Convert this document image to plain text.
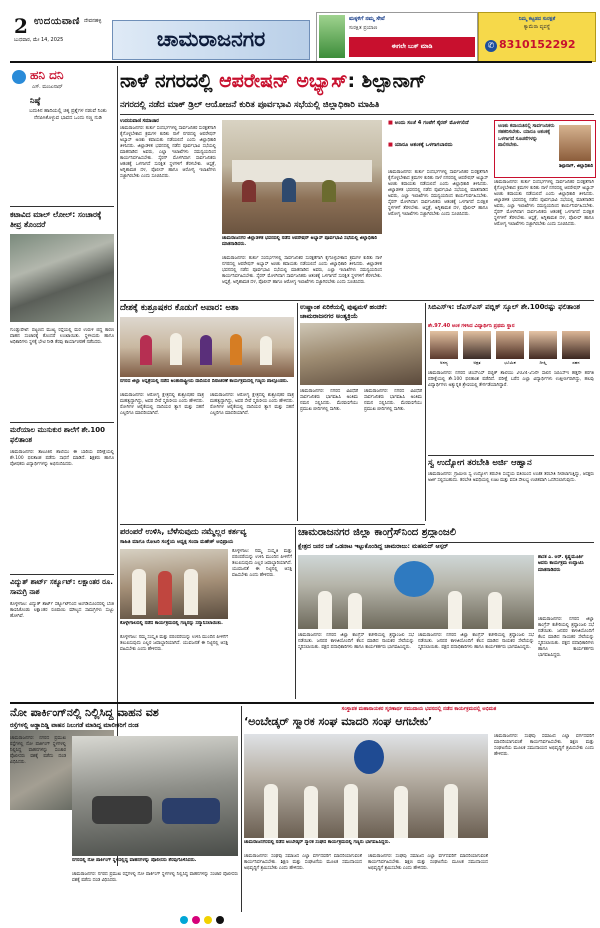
2 ಉದಯವಾಣಿ ದೇವನಹಳ್ಳಿ
ಬುಧವಾರ, ಮೇ 14, 2025	ಚಾಮರಾಜನಗರ
ಮಕ್ಕಳಿಗೆ ನಮ್ಮ ಸೇವೆ
ಸುರಕ್ಷಿತ ಪ್ರಯಾಣ
ಈಗಲೇ ಬುಕ್ ಮಾಡಿ
ನಿಮ್ಮ ಕಟ್ಟಡದ ಸುರಕ್ಷತೆ
ಕ್ಯಾಮೆರಾ ವ್ಯವಸ್ಥೆ
✆ 8310152292
ಹನಿ ದನಿ
ಎಸ್. ಮಂಜುನಾಥ್
ನಿಷ್ಠೆ
ಬದುಕಿನ ಹಾದಿಯಲ್ಲಿ ಚಿಕ್ಕ ಪ್ರಶ್ನೆಗಳ ನಡುವೆ ನಿಂತು ನೆನಪಿಸಿಕೊಳ್ಳುವ ಭಾವದ ಒಂದು ಸಣ್ಣ ನುಡಿ
ಕಟಾವಿದ ಮಾಲ್ ಲೋಲ್: ಸಂಚಾರಕ್ಕೆ ತೀವ್ರ ತೊಂದರೆ
ಗುಂಡ್ಲುಪೇಟೆ: ಪಟ್ಟಣದ ಮುಖ್ಯ ರಸ್ತೆಯಲ್ಲಿ ಮರ ಉರುಳಿ ಬಿದ್ದ ಕಾರಣ ವಾಹನ ಸಂಚಾರಕ್ಕೆ ತೊಂದರೆ ಉಂಟಾಯಿತು. ಸ್ಥಳೀಯರು ಹಾಗೂ ಅಧಿಕಾರಿಗಳು ಸ್ಥಳಕ್ಕೆ ಭೇಟಿ ನೀಡಿ ತೆರವು ಕಾರ್ಯಾಚರಣೆ ನಡೆಸಿದರು.
ಮರೆಯಾಲ ಮುಸುಕುರ ಶಾಲೆಗೆ ಶೇ.100 ಫಲಿತಾಂಶ
ಚಾಮರಾಜನಗರ: ತಾಲೂಕಿನ ಶಾಲೆಯು ಈ ಬಾರಿಯ ಪರೀಕ್ಷೆಯಲ್ಲಿ ಶೇ.100 ಫಲಿತಾಂಶ ಪಡೆದು ಸಾಧನೆ ಮಾಡಿದೆ. ಶಿಕ್ಷಕರು ಹಾಗೂ ಪೋಷಕರು ವಿದ್ಯಾರ್ಥಿಗಳನ್ನು ಅಭಿನಂದಿಸಿದರು.
ವಿದ್ಯುತ್ ಶಾರ್ಟ್ ಸರ್ಕ್ಯೂಟ್: ಲಕ್ಷಾಂತರ ರೂ. ಸಾಮಗ್ರಿ ನಾಶ
ಕೊಳ್ಳೇಗಾಲ: ವಿದ್ಯುತ್ ಶಾರ್ಟ್ ಸರ್ಕ್ಯೂಟ್‌ನಿಂದ ಅಂಗಡಿಯೊಂದರಲ್ಲಿ ಬೆಂಕಿ ಕಾಣಿಸಿಕೊಂಡು ಲಕ್ಷಾಂತರ ರೂಪಾಯಿ ಮೌಲ್ಯದ ಸಾಮಗ್ರಿಗಳು ಸುಟ್ಟು ಹೋಗಿವೆ.
ನಾಳೆ ನಗರದಲ್ಲಿ ಆಪರೇಷನ್ ಅಭ್ಯಾಸ್: ಶಿಲ್ಪಾನಾಗ್
ನಗರದಲ್ಲಿ ನಡೆದ ಮಾಕ್ ಡ್ರಿಲ್ ಆಯೋಜನೆ ಕುರಿತ ಪೂರ್ವಭಾವಿ ಸಭೆಯಲ್ಲಿ ಜಿಲ್ಲಾಧಿಕಾರಿ ಮಾಹಿತಿ
ಉದಯವಾಣಿ ಸಮಾಚಾರ
ಚಾಮರಾಜನಗರ: ತುರ್ತು ಸಂದರ್ಭಗಳಲ್ಲಿ ಸಾರ್ವಜನಿಕರ ಸುರಕ್ಷತೆಗಾಗಿ ಕೈಗೊಳ್ಳಬೇಕಾದ ಕ್ರಮಗಳ ಕುರಿತು ನಾಳೆ ನಗರದಲ್ಲಿ ಆಪರೇಷನ್ ಅಭ್ಯಾಸ್ ಅಣಕು ಕವಾಯತು ನಡೆಯಲಿದೆ ಎಂದು ಜಿಲ್ಲಾಧಿಕಾರಿ ತಿಳಿಸಿದರು. ಜಿಲ್ಲಾಡಳಿತ ಭವನದಲ್ಲಿ ನಡೆದ ಪೂರ್ವಭಾವಿ ಸಭೆಯಲ್ಲಿ ಮಾತನಾಡಿದ ಅವರು, ಎಲ್ಲಾ ಇಲಾಖೆಗಳು ಸಮನ್ವಯದಿಂದ ಕಾರ್ಯನಿರ್ವಹಿಸಬೇಕು. ಸೈರನ್ ಮೊಳಗಿದಾಗ ಸಾರ್ವಜನಿಕರು ಆತಂಕಕ್ಕೆ ಒಳಗಾಗದೆ ಸುರಕ್ಷಿತ ಸ್ಥಳಗಳಿಗೆ ತೆರಳಬೇಕು. ಆಸ್ಪತ್ರೆ, ಅಗ್ನಿಶಾಮಕ ದಳ, ಪೊಲೀಸ್ ಹಾಗೂ ಆರೋಗ್ಯ ಇಲಾಖೆಗಳು ಸಜ್ಜಾಗಿರಬೇಕು ಎಂದು ಸೂಚಿಸಿದರು.
ಚಾಮರಾಜನಗರ ಜಿಲ್ಲಾಡಳಿತ ಭವನದಲ್ಲಿ ನಡೆದ ಆಪರೇಷನ್ ಅಭ್ಯಾಸ್ ಪೂರ್ವಭಾವಿ ಸಭೆಯಲ್ಲಿ ಜಿಲ್ಲಾಧಿಕಾರಿ ಮಾತನಾಡಿದರು.
ಚಾಮರಾಜನಗರ: ತುರ್ತು ಸಂದರ್ಭಗಳಲ್ಲಿ ಸಾರ್ವಜನಿಕರ ಸುರಕ್ಷತೆಗಾಗಿ ಕೈಗೊಳ್ಳಬೇಕಾದ ಕ್ರಮಗಳ ಕುರಿತು ನಾಳೆ ನಗರದಲ್ಲಿ ಆಪರೇಷನ್ ಅಭ್ಯಾಸ್ ಅಣಕು ಕವಾಯತು ನಡೆಯಲಿದೆ ಎಂದು ಜಿಲ್ಲಾಧಿಕಾರಿ ತಿಳಿಸಿದರು. ಜಿಲ್ಲಾಡಳಿತ ಭವನದಲ್ಲಿ ನಡೆದ ಪೂರ್ವಭಾವಿ ಸಭೆಯಲ್ಲಿ ಮಾತನಾಡಿದ ಅವರು, ಎಲ್ಲಾ ಇಲಾಖೆಗಳು ಸಮನ್ವಯದಿಂದ ಕಾರ್ಯನಿರ್ವಹಿಸಬೇಕು. ಸೈರನ್ ಮೊಳಗಿದಾಗ ಸಾರ್ವಜನಿಕರು ಆತಂಕಕ್ಕೆ ಒಳಗಾಗದೆ ಸುರಕ್ಷಿತ ಸ್ಥಳಗಳಿಗೆ ತೆರಳಬೇಕು. ಆಸ್ಪತ್ರೆ, ಅಗ್ನಿಶಾಮಕ ದಳ, ಪೊಲೀಸ್ ಹಾಗೂ ಆರೋಗ್ಯ ಇಲಾಖೆಗಳು ಸಜ್ಜಾಗಿರಬೇಕು ಎಂದು ಸೂಚಿಸಿದರು.
■ ಅಂದು ಸಂಜೆ 4 ಗಂಟೆಗೆ ಸೈರನ್ ಮೊಳಗಲಿದೆ
■ ಯಾರೂ ಆತಂಕಕ್ಕೆ ಒಳಗಾಗಬಾರದು
ಚಾಮರಾಜನಗರ: ತುರ್ತು ಸಂದರ್ಭಗಳಲ್ಲಿ ಸಾರ್ವಜನಿಕರ ಸುರಕ್ಷತೆಗಾಗಿ ಕೈಗೊಳ್ಳಬೇಕಾದ ಕ್ರಮಗಳ ಕುರಿತು ನಾಳೆ ನಗರದಲ್ಲಿ ಆಪರೇಷನ್ ಅಭ್ಯಾಸ್ ಅಣಕು ಕವಾಯತು ನಡೆಯಲಿದೆ ಎಂದು ಜಿಲ್ಲಾಧಿಕಾರಿ ತಿಳಿಸಿದರು. ಜಿಲ್ಲಾಡಳಿತ ಭವನದಲ್ಲಿ ನಡೆದ ಪೂರ್ವಭಾವಿ ಸಭೆಯಲ್ಲಿ ಮಾತನಾಡಿದ ಅವರು, ಎಲ್ಲಾ ಇಲಾಖೆಗಳು ಸಮನ್ವಯದಿಂದ ಕಾರ್ಯನಿರ್ವಹಿಸಬೇಕು. ಸೈರನ್ ಮೊಳಗಿದಾಗ ಸಾರ್ವಜನಿಕರು ಆತಂಕಕ್ಕೆ ಒಳಗಾಗದೆ ಸುರಕ್ಷಿತ ಸ್ಥಳಗಳಿಗೆ ತೆರಳಬೇಕು. ಆಸ್ಪತ್ರೆ, ಅಗ್ನಿಶಾಮಕ ದಳ, ಪೊಲೀಸ್ ಹಾಗೂ ಆರೋಗ್ಯ ಇಲಾಖೆಗಳು ಸಜ್ಜಾಗಿರಬೇಕು ಎಂದು ಸೂಚಿಸಿದರು.
ಅಣಕು ಕವಾಯತಿನಲ್ಲಿ ಸಾರ್ವಜನಿಕರು ಸಹಕರಿಸಬೇಕು. ಯಾರೂ ಆತಂಕಕ್ಕೆ ಒಳಗಾಗದೆ ಸೂಚನೆಗಳನ್ನು ಪಾಲಿಸಬೇಕು.
ಶಿಲ್ಪಾನಾಗ್, ಜಿಲ್ಲಾಧಿಕಾರಿ
ಚಾಮರಾಜನಗರ: ತುರ್ತು ಸಂದರ್ಭಗಳಲ್ಲಿ ಸಾರ್ವಜನಿಕರ ಸುರಕ್ಷತೆಗಾಗಿ ಕೈಗೊಳ್ಳಬೇಕಾದ ಕ್ರಮಗಳ ಕುರಿತು ನಾಳೆ ನಗರದಲ್ಲಿ ಆಪರೇಷನ್ ಅಭ್ಯಾಸ್ ಅಣಕು ಕವಾಯತು ನಡೆಯಲಿದೆ ಎಂದು ಜಿಲ್ಲಾಧಿಕಾರಿ ತಿಳಿಸಿದರು. ಜಿಲ್ಲಾಡಳಿತ ಭವನದಲ್ಲಿ ನಡೆದ ಪೂರ್ವಭಾವಿ ಸಭೆಯಲ್ಲಿ ಮಾತನಾಡಿದ ಅವರು, ಎಲ್ಲಾ ಇಲಾಖೆಗಳು ಸಮನ್ವಯದಿಂದ ಕಾರ್ಯನಿರ್ವಹಿಸಬೇಕು. ಸೈರನ್ ಮೊಳಗಿದಾಗ ಸಾರ್ವಜನಿಕರು ಆತಂಕಕ್ಕೆ ಒಳಗಾಗದೆ ಸುರಕ್ಷಿತ ಸ್ಥಳಗಳಿಗೆ ತೆರಳಬೇಕು. ಆಸ್ಪತ್ರೆ, ಅಗ್ನಿಶಾಮಕ ದಳ, ಪೊಲೀಸ್ ಹಾಗೂ ಆರೋಗ್ಯ ಇಲಾಖೆಗಳು ಸಜ್ಜಾಗಿರಬೇಕು ಎಂದು ಸೂಚಿಸಿದರು.
ದೇಶಕ್ಕೆ ಕುಶ್ರೂಷಕರ ಕೊಡುಗೆ ಅಪಾರ: ಅಶಾ
ನಗರದ ಜಿಲ್ಲಾ ಆಸ್ಪತ್ರೆಯಲ್ಲಿ ನಡೆದ ಅಂತಾರಾಷ್ಟ್ರೀಯ ದಾದಿಯರ ದಿನಾಚರಣೆ ಕಾರ್ಯಕ್ರಮದಲ್ಲಿ ಗಣ್ಯರು ಪಾಲ್ಗೊಂಡರು.
ಚಾಮರಾಜನಗರ: ಆರೋಗ್ಯ ಕ್ಷೇತ್ರದಲ್ಲಿ ಶುಶ್ರೂಷಕರ ಪಾತ್ರ ಮಹತ್ವದ್ದಾಗಿದ್ದು, ಅವರ ಸೇವೆ ಸ್ಮರಣೀಯ ಎಂದು ಹೇಳಿದರು. ರೋಗಿಗಳ ಆರೈಕೆಯಲ್ಲಿ ದಾದಿಯರ ತ್ಯಾಗ ಮತ್ತು ಸಹನೆ ಎಲ್ಲರಿಗೂ ಮಾದರಿಯಾಗಿದೆ.
ಚಾಮರಾಜನಗರ: ಆರೋಗ್ಯ ಕ್ಷೇತ್ರದಲ್ಲಿ ಶುಶ್ರೂಷಕರ ಪಾತ್ರ ಮಹತ್ವದ್ದಾಗಿದ್ದು, ಅವರ ಸೇವೆ ಸ್ಮರಣೀಯ ಎಂದು ಹೇಳಿದರು. ರೋಗಿಗಳ ಆರೈಕೆಯಲ್ಲಿ ದಾದಿಯರ ತ್ಯಾಗ ಮತ್ತು ಸಹನೆ ಎಲ್ಲರಿಗೂ ಮಾದರಿಯಾಗಿದೆ.
ಉಷ್ಣಾಂಶ ಏರಿಕೆಯಲ್ಲಿ ಪುಷ್ಪಮಳೆ ಹಂಚಿಕೆ: ಚಾಮರಾಜನಗರ ಅಂತ್ಯಕ್ರಿಯೆ
ಚಾಮರಾಜನಗರ: ನಗರದ ವಿವಿಧೆಡೆ ಸಾರ್ವಜನಿಕರು ಭಾಗವಹಿಸಿ ಅಂತಿಮ ನಮನ ಸಲ್ಲಿಸಿದರು. ಮೆರವಣಿಗೆಯು ಪ್ರಮುಖ ಬೀದಿಗಳಲ್ಲಿ ಸಾಗಿತು.
ಚಾಮರಾಜನಗರ: ನಗರದ ವಿವಿಧೆಡೆ ಸಾರ್ವಜನಿಕರು ಭಾಗವಹಿಸಿ ಅಂತಿಮ ನಮನ ಸಲ್ಲಿಸಿದರು. ಮೆರವಣಿಗೆಯು ಪ್ರಮುಖ ಬೀದಿಗಳಲ್ಲಿ ಸಾಗಿತು.
ಸಿಬಿಎಸ್‌ಇ: ಜೆಎಸ್‌ಎಸ್ ಪಬ್ಲಿಕ್ ಸ್ಕೂಲ್ ಶೇ.100ರಷ್ಟು ಫಲಿತಾಂಶ
ಶೇ.97.40 ಅಂಕ ಗಳಿಸಿದ ವಿದ್ಯಾರ್ಥಿನಿ ಪ್ರಥಮ ಸ್ಥಾನ
ಅನನ್ಯ	ಅಕ್ಷತ	ಭೂಮಿಕ	ದೀಪ್ತಿ	ಸಹನ
ಚಾಮರಾಜನಗರ: ನಗರದ ಜೆಎಸ್‌ಎಸ್ ಪಬ್ಲಿಕ್ ಶಾಲೆಯು 2024-25ನೇ ಸಾಲಿನ ಸಿಬಿಎಸ್‌ಇ ಹತ್ತನೇ ತರಗತಿ ಪರೀಕ್ಷೆಯಲ್ಲಿ ಶೇ.100 ಫಲಿತಾಂಶ ಪಡೆದಿದೆ. ಪರೀಕ್ಷೆ ಬರೆದ ಎಲ್ಲಾ ವಿದ್ಯಾರ್ಥಿಗಳು ಉತ್ತೀರ್ಣರಾಗಿದ್ದು, ಹಲವು ವಿದ್ಯಾರ್ಥಿಗಳು ಅತ್ಯುನ್ನತ ಶ್ರೇಣಿಯಲ್ಲಿ ತೇರ್ಗಡೆಯಾಗಿದ್ದಾರೆ.
ಸ್ವ ಉದ್ಯೋಗ ತರಬೇತಿ ಅರ್ಜಿ ಆಹ್ವಾನ
ಚಾಮರಾಜನಗರ: ಗ್ರಾಮೀಣ ಸ್ವ ಉದ್ಯೋಗ ತರಬೇತಿ ಸಂಸ್ಥೆಯ ವತಿಯಿಂದ ಉಚಿತ ತರಬೇತಿ ನೀಡಲಾಗುತ್ತಿದ್ದು, ಆಸಕ್ತರು ಅರ್ಜಿ ಸಲ್ಲಿಸಬಹುದು. ತರಬೇತಿ ಅವಧಿಯಲ್ಲಿ ಊಟ ಮತ್ತು ವಸತಿ ಸೌಲಭ್ಯ ಉಚಿತವಾಗಿ ಒದಗಿಸಲಾಗುವುದು.
ಪರಂಪರೆ ಉಳಿಸಿ, ಬೆಳೆಸುವುದು ನಮ್ಮೆಲ್ಲರ ಕರ್ತವ್ಯ
ಸಾಹಿತಿ ಮಾಗೂ ರೋಟರಿ ಸಂಸ್ಥೆಯ ಅಧ್ಯಕ್ಷ ಸಂದಾ ಮಹೇಶ್ ಅಭಿಪ್ರಾಯ
ಕೊಳ್ಳೇಗಾಲದಲ್ಲಿ ನಡೆದ ಕಾರ್ಯಕ್ರಮದಲ್ಲಿ ಗಣ್ಯರನ್ನು ಸನ್ಮಾನಿಸಲಾಯಿತು.
ಕೊಳ್ಳೇಗಾಲ: ನಮ್ಮ ಸಂಸ್ಕೃತಿ ಮತ್ತು ಪರಂಪರೆಯನ್ನು ಉಳಿಸಿ ಮುಂದಿನ ಪೀಳಿಗೆಗೆ ತಲುಪಿಸುವುದು ಎಲ್ಲರ ಜವಾಬ್ದಾರಿಯಾಗಿದೆ. ಯುವಜನತೆ ಈ ನಿಟ್ಟಿನಲ್ಲಿ ಆಸಕ್ತಿ ವಹಿಸಬೇಕು ಎಂದು ಹೇಳಿದರು.
ಕೊಳ್ಳೇಗಾಲ: ನಮ್ಮ ಸಂಸ್ಕೃತಿ ಮತ್ತು ಪರಂಪರೆಯನ್ನು ಉಳಿಸಿ ಮುಂದಿನ ಪೀಳಿಗೆಗೆ ತಲುಪಿಸುವುದು ಎಲ್ಲರ ಜವಾಬ್ದಾರಿಯಾಗಿದೆ. ಯುವಜನತೆ ಈ ನಿಟ್ಟಿನಲ್ಲಿ ಆಸಕ್ತಿ ವಹಿಸಬೇಕು ಎಂದು ಹೇಳಿದರು.
ಚಾಮರಾಜನಗರ ಜಿಲ್ಲಾ ಕಾಂಗ್ರೆಸ್‌ನಿಂದ ಶ್ರದ್ಧಾಂಜಲಿ
ಕ್ಷೇತ್ರದ ಜನರ ಜತೆ ಒಡನಾಟ ಇಟ್ಟುಕೊಂಡಿದ್ದ ಚಾಮರಾಜು: ಮಹಮದ್ ಆಸ್ಗರ್
ಶಾಸಕ ಎ. ಆರ್. ಕೃಷ್ಣಮೂರ್ತಿ ಅವರು ಕಾರ್ಯಕ್ರಮ ಉದ್ಘಾಟಿಸಿ ಮಾತನಾಡಿದರು
ಚಾಮರಾಜನಗರ: ನಗರದ ಜಿಲ್ಲಾ ಕಾಂಗ್ರೆಸ್ ಕಚೇರಿಯಲ್ಲಿ ಶ್ರದ್ಧಾಂಜಲಿ ಸಭೆ ನಡೆಯಿತು. ಜನಪರ ಕಾಳಜಿಯೊಂದಿಗೆ ಕೆಲಸ ಮಾಡಿದ ನಾಯಕರ ಸೇವೆಯನ್ನು ಸ್ಮರಿಸಲಾಯಿತು. ಪಕ್ಷದ ಪದಾಧಿಕಾರಿಗಳು ಹಾಗೂ ಕಾರ್ಯಕರ್ತರು ಭಾಗವಹಿಸಿದ್ದರು.
ಚಾಮರಾಜನಗರ: ನಗರದ ಜಿಲ್ಲಾ ಕಾಂಗ್ರೆಸ್ ಕಚೇರಿಯಲ್ಲಿ ಶ್ರದ್ಧಾಂಜಲಿ ಸಭೆ ನಡೆಯಿತು. ಜನಪರ ಕಾಳಜಿಯೊಂದಿಗೆ ಕೆಲಸ ಮಾಡಿದ ನಾಯಕರ ಸೇವೆಯನ್ನು ಸ್ಮರಿಸಲಾಯಿತು. ಪಕ್ಷದ ಪದಾಧಿಕಾರಿಗಳು ಹಾಗೂ ಕಾರ್ಯಕರ್ತರು ಭಾಗವಹಿಸಿದ್ದರು.
ಚಾಮರಾಜನಗರ: ನಗರದ ಜಿಲ್ಲಾ ಕಾಂಗ್ರೆಸ್ ಕಚೇರಿಯಲ್ಲಿ ಶ್ರದ್ಧಾಂಜಲಿ ಸಭೆ ನಡೆಯಿತು. ಜನಪರ ಕಾಳಜಿಯೊಂದಿಗೆ ಕೆಲಸ ಮಾಡಿದ ನಾಯಕರ ಸೇವೆಯನ್ನು ಸ್ಮರಿಸಲಾಯಿತು. ಪಕ್ಷದ ಪದಾಧಿಕಾರಿಗಳು ಹಾಗೂ ಕಾರ್ಯಕರ್ತರು ಭಾಗವಹಿಸಿದ್ದರು.
ನೋ ಪಾರ್ಕಿಂಗ್‌ನಲ್ಲಿ ನಿಲ್ಲಿಸಿದ್ದ ವಾಹನ ವಶ
ರಸ್ತೆಗಳಲ್ಲಿ ಅಡ್ಡಾದಿಡ್ಡಿ ವಾಹನ ನಿಲುಗಡೆ ಮಾಡಿದ್ದ ಮಾಲೀಕರಿಗೆ ದಂಡ
ಚಾಮರಾಜನಗರ: ನಗರದ ಪ್ರಮುಖ ರಸ್ತೆಗಳಲ್ಲಿ ನೋ ಪಾರ್ಕಿಂಗ್ ಸ್ಥಳಗಳಲ್ಲಿ ನಿಲ್ಲಿಸಿದ್ದ ವಾಹನಗಳನ್ನು ಸಂಚಾರ ಪೊಲೀಸರು ವಶಕ್ಕೆ ಪಡೆದು ದಂಡ ವಿಧಿಸಿದರು.
ನಗರದಲ್ಲಿ ನೋ ಪಾರ್ಕಿಂಗ್ ಸ್ಥಳದಲ್ಲಿದ್ದ ವಾಹನಗಳನ್ನು ಪೊಲೀಸರು ತೆರವುಗೊಳಿಸಿದರು.
ಚಾಮರಾಜನಗರ: ನಗರದ ಪ್ರಮುಖ ರಸ್ತೆಗಳಲ್ಲಿ ನೋ ಪಾರ್ಕಿಂಗ್ ಸ್ಥಳಗಳಲ್ಲಿ ನಿಲ್ಲಿಸಿದ್ದ ವಾಹನಗಳನ್ನು ಸಂಚಾರ ಪೊಲೀಸರು ವಶಕ್ಕೆ ಪಡೆದು ದಂಡ ವಿಧಿಸಿದರು.
ಸಂಸ್ಥಾಪಕ ಮಹಾನಾಯಕರ ಸ್ಮರಣಾರ್ಥ ಸಮುದಾಯ ಭವನದಲ್ಲಿ ನಡೆದ ಕಾರ್ಯಕ್ರಮದಲ್ಲಿ ಅಭಿಮತ
‘ಅಂಬೇಡ್ಕರ್ ಸ್ಮಾರಕ ಸಂಘ ಮಾದರಿ ಸಂಘ ಆಗಬೇಕು’
ಚಾಮರಾಜನಗರದಲ್ಲಿ ನಡೆದ ಅಂಬೇಡ್ಕರ್ ಸ್ಮಾರಕ ಸಂಘದ ಕಾರ್ಯಕ್ರಮದಲ್ಲಿ ಗಣ್ಯರು ಭಾಗವಹಿಸಿದ್ದರು.
ಚಾಮರಾಜನಗರ: ಸಂಘವು ಸಮಾಜದ ಎಲ್ಲಾ ವರ್ಗದವರಿಗೆ ಮಾದರಿಯಾಗುವಂತೆ ಕಾರ್ಯನಿರ್ವಹಿಸಬೇಕು. ಶಿಕ್ಷಣ ಮತ್ತು ಸಂಘಟನೆಯ ಮೂಲಕ ಸಮುದಾಯದ ಅಭಿವೃದ್ಧಿಗೆ ಶ್ರಮಿಸಬೇಕು ಎಂದು ಹೇಳಿದರು.
ಚಾಮರಾಜನಗರ: ಸಂಘವು ಸಮಾಜದ ಎಲ್ಲಾ ವರ್ಗದವರಿಗೆ ಮಾದರಿಯಾಗುವಂತೆ ಕಾರ್ಯನಿರ್ವಹಿಸಬೇಕು. ಶಿಕ್ಷಣ ಮತ್ತು ಸಂಘಟನೆಯ ಮೂಲಕ ಸಮುದಾಯದ ಅಭಿವೃದ್ಧಿಗೆ ಶ್ರಮಿಸಬೇಕು ಎಂದು ಹೇಳಿದರು.
ಚಾಮರಾಜನಗರ: ಸಂಘವು ಸಮಾಜದ ಎಲ್ಲಾ ವರ್ಗದವರಿಗೆ ಮಾದರಿಯಾಗುವಂತೆ ಕಾರ್ಯನಿರ್ವಹಿಸಬೇಕು. ಶಿಕ್ಷಣ ಮತ್ತು ಸಂಘಟನೆಯ ಮೂಲಕ ಸಮುದಾಯದ ಅಭಿವೃದ್ಧಿಗೆ ಶ್ರಮಿಸಬೇಕು ಎಂದು ಹೇಳಿದರು.
